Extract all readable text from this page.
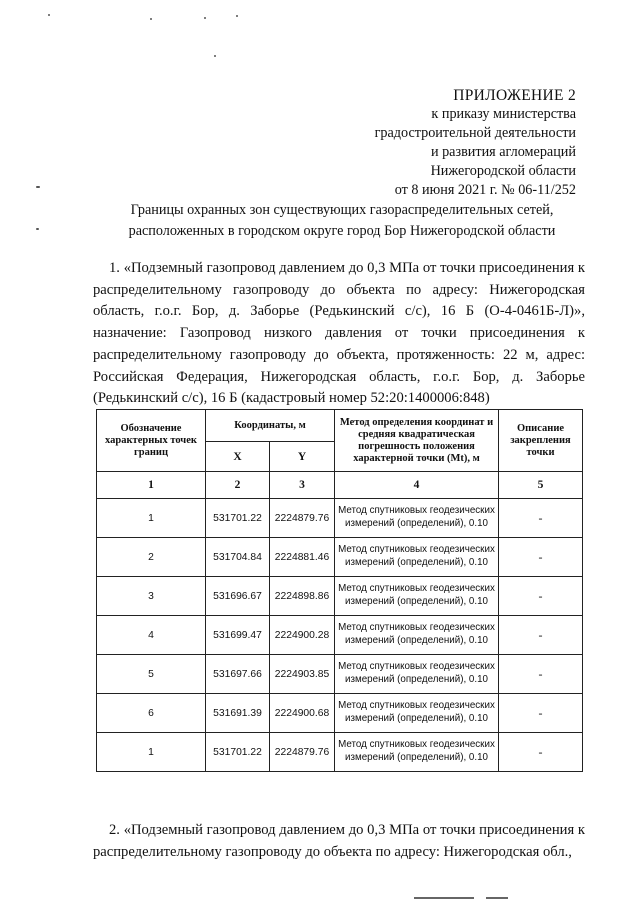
ПРИЛОЖЕНИЕ 2
к приказу министерства
градостроительной деятельности
и развития агломераций
Нижегородской области
от 8 июня 2021 г. № 06-11/252
Границы охранных зон существующих газораспределительных сетей,
расположенных в городском округе город Бор Нижегородской области
1. «Подземный газопровод давлением до 0,3 МПа от точки присоединения к распределительному газопроводу до объекта по адресу: Нижегородская область, г.о.г. Бор, д. Заборье (Редькинский с/с), 16 Б (О-4-0461Б-Л)», назначение: Газопровод низкого давления от точки присоединения к распределительному газопроводу до объекта, протяженность: 22 м, адрес: Российская Федерация, Нижегородская область, г.о.г. Бор, д. Заборье (Редькинский с/с), 16 Б (кадастровый номер 52:20:1400006:848)
Обозначение характерных точек границ	Координаты, м		Метод определения координат и средняя квадратическая погрешность положения характерной точки (Mt), м	Описание закрепления точки
	X	Y		
1	2	3	4	5
1	531701.22	2224879.76	Метод спутниковых геодезических измерений (определений), 0.10	-
2	531704.84	2224881.46	Метод спутниковых геодезических измерений (определений), 0.10	-
3	531696.67	2224898.86	Метод спутниковых геодезических измерений (определений), 0.10	-
4	531699.47	2224900.28	Метод спутниковых геодезических измерений (определений), 0.10	-
5	531697.66	2224903.85	Метод спутниковых геодезических измерений (определений), 0.10	-
6	531691.39	2224900.68	Метод спутниковых геодезических измерений (определений), 0.10	-
1	531701.22	2224879.76	Метод спутниковых геодезических измерений (определений), 0.10	-
2. «Подземный газопровод давлением до 0,3 МПа от точки присоединения к распределительному газопроводу до объекта по адресу: Нижегородская обл.,
